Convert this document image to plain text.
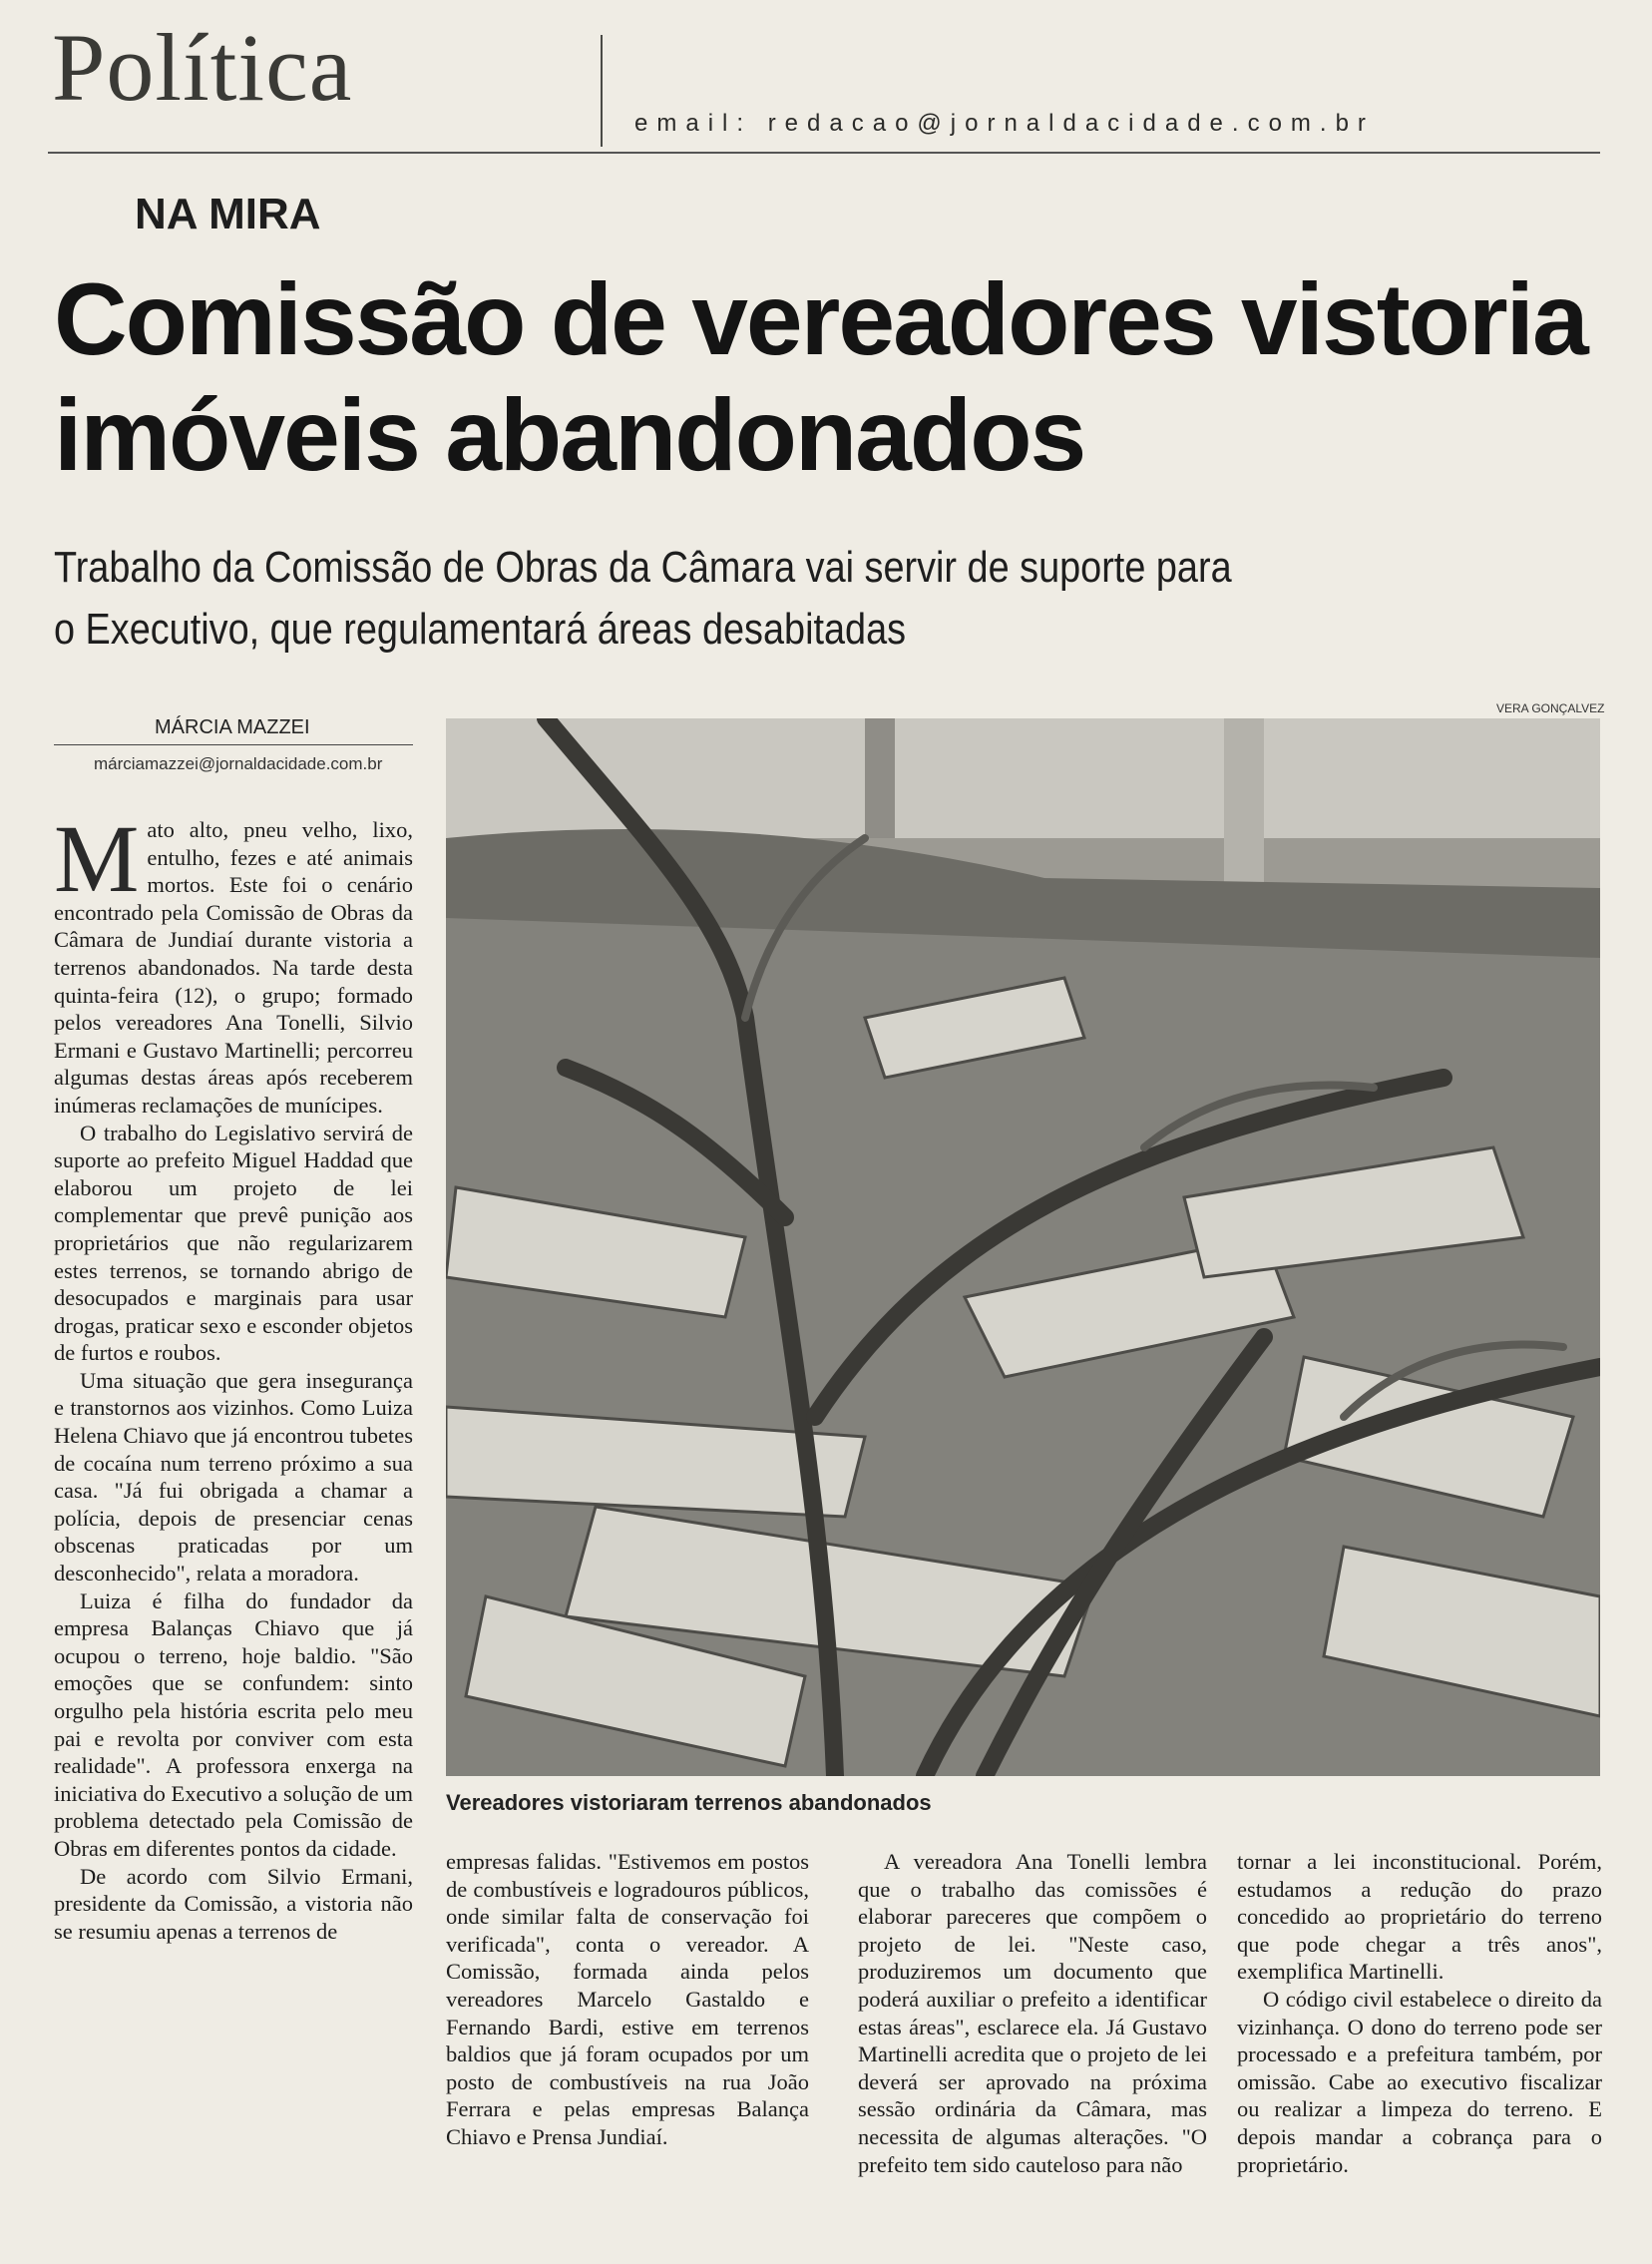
Política
email: redacao@jornaldacidade.com.br
NA MIRA
Comissão de vereadores vistoria imóveis abandonados
Trabalho da Comissão de Obras da Câmara vai servir de suporte para o Executivo, que regulamentará áreas desabitadas
MÁRCIA MAZZEI
márciamazzei@jornaldacidade.com.br
VERA GONÇALVEZ
Vereadores vistoriaram terrenos abandonados

Mato alto, pneu velho, lixo, entulho, fezes e até animais mortos. Este foi o cenário encontrado pela Comissão de Obras da Câmara de Jundiaí durante vistoria a terrenos abandonados. Na tarde desta quinta-feira (12), o grupo; formado pelos vereadores Ana Tonelli, Silvio Ermani e Gustavo Martinelli; percorreu algumas destas áreas após receberem inúmeras reclamações de munícipes.

O trabalho do Legislativo servirá de suporte ao prefeito Miguel Haddad que elaborou um projeto de lei complementar que prevê punição aos proprietários que não regularizarem estes terrenos, se tornando abrigo de desocupados e marginais para usar drogas, praticar sexo e esconder objetos de furtos e roubos.

Uma situação que gera insegurança e transtornos aos vizinhos. Como Luiza Helena Chiavo que já encontrou tubetes de cocaína num terreno próximo a sua casa. "Já fui obrigada a chamar a polícia, depois de presenciar cenas obscenas praticadas por um desconhecido", relata a moradora.

Luiza é filha do fundador da empresa Balanças Chiavo que já ocupou o terreno, hoje baldio. "São emoções que se confundem: sinto orgulho pela história escrita pelo meu pai e revolta por conviver com esta realidade". A professora enxerga na iniciativa do Executivo a solução de um problema detectado pela Comissão de Obras em diferentes pontos da cidade.

De acordo com Silvio Ermani, presidente da Comissão, a vistoria não se resumiu apenas a terrenos de

empresas falidas. "Estivemos em postos de combustíveis e logradouros públicos, onde similar falta de conservação foi verificada", conta o vereador. A Comissão, formada ainda pelos vereadores Marcelo Gastaldo e Fernando Bardi, estive em terrenos baldios que já foram ocupados por um posto de combustíveis na rua João Ferrara e pelas empresas Balança Chiavo e Prensa Jundiaí.

A vereadora Ana Tonelli lembra que o trabalho das comissões é elaborar pareceres que compõem o projeto de lei. "Neste caso, produziremos um documento que poderá auxiliar o prefeito a identificar estas áreas", esclarece ela. Já Gustavo Martinelli acredita que o projeto de lei deverá ser aprovado na próxima sessão ordinária da Câmara, mas necessita de algumas alterações. "O prefeito tem sido cauteloso para não

tornar a lei inconstitucional. Porém, estudamos a redução do prazo concedido ao proprietário do terreno que pode chegar a três anos", exemplifica Martinelli.

O código civil estabelece o direito da vizinhança. O dono do terreno pode ser processado e a prefeitura também, por omissão. Cabe ao executivo fiscalizar ou realizar a limpeza do terreno. E depois mandar a cobrança para o proprietário.
